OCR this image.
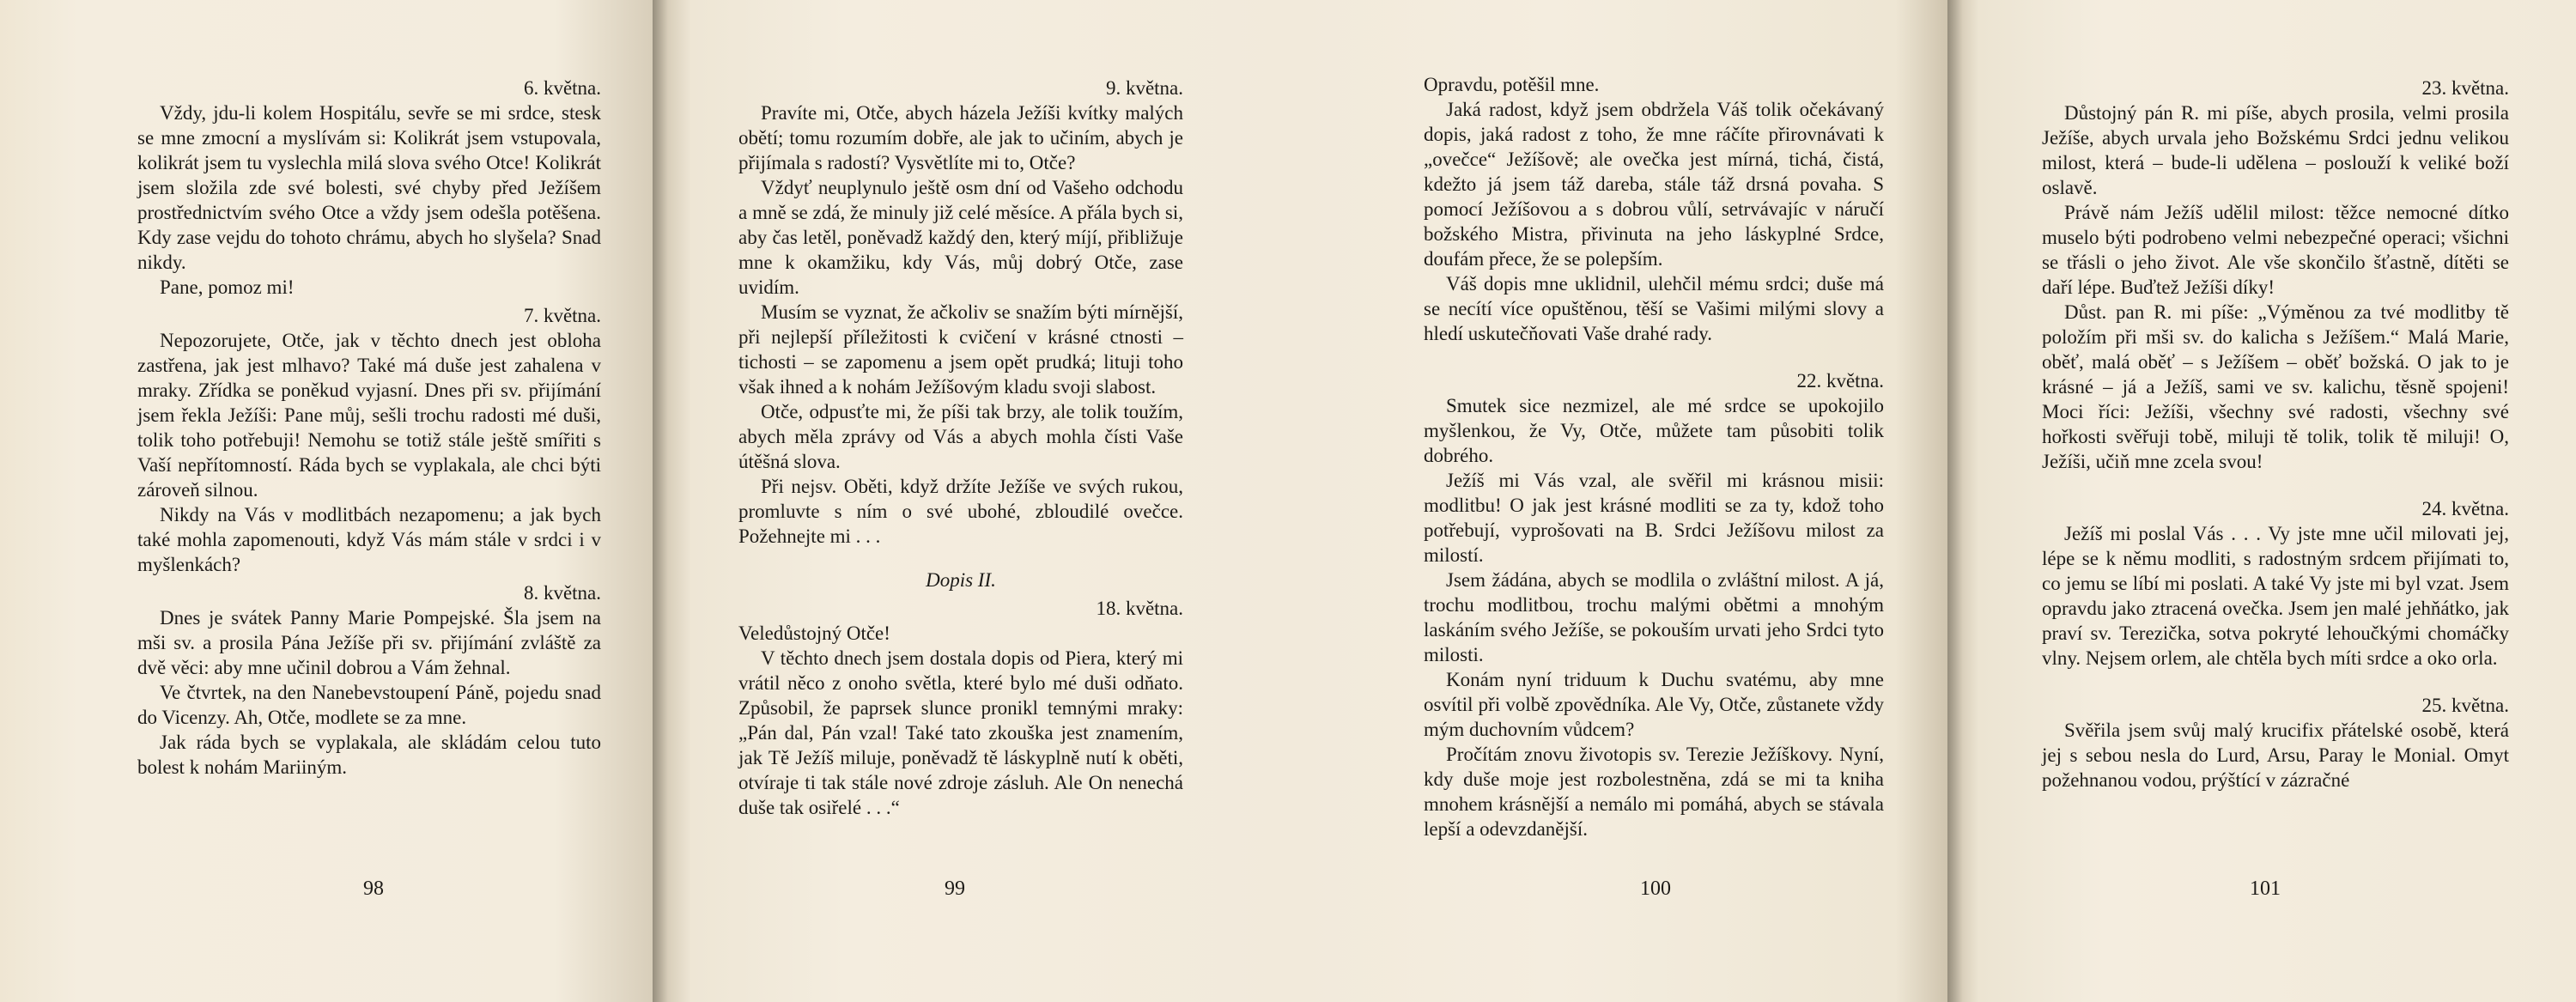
6. května.

Vždy, jdu-li kolem Hospitálu, sevře se mi srdce, stesk se mne zmocní a myslívám si: Kolikrát jsem vstupovala, kolikrát jsem tu vyslechla milá slova svého Otce! Kolikrát jsem složila zde své bolesti, své chyby před Ježíšem prostřednictvím svého Otce a vždy jsem odešla potěšena. Kdy zase vejdu do tohoto chrámu, abych ho slyšela? Snad nikdy.

Pane, pomoz mi!

7. května.

Nepozorujete, Otče, jak v těchto dnech jest obloha zastřena, jak jest mlhavo? Také má duše jest zahalena v mraky. Zřídka se poněkud vyjasní. Dnes při sv. přijímání jsem řekla Ježíši: Pane můj, sešli trochu radosti mé duši, tolik toho potřebuji! Nemohu se totiž stále ještě smířiti s Vaší nepřítomností. Ráda bych se vyplakala, ale chci býti zároveň silnou.

Nikdy na Vás v modlitbách nezapomenu; a jak bych také mohla zapomenouti, když Vás mám stále v srdci i v myšlenkách?

8. května.

Dnes je svátek Panny Marie Pompejské. Šla jsem na mši sv. a prosila Pána Ježíše při sv. přijímání zvláště za dvě věci: aby mne učinil dobrou a Vám žehnal.

Ve čtvrtek, na den Nanebevstoupení Páně, pojedu snad do Vicenzy. Ah, Otče, modlete se za mne.

Jak ráda bych se vyplakala, ale skládám celou tuto bolest k nohám Mariiným.

98

9. května.

Pravíte mi, Otče, abych házela Ježíši kvítky malých obětí; tomu rozumím dobře, ale jak to učiním, abych je přijímala s radostí? Vysvětlíte mi to, Otče?

Vždyť neuplynulo ještě osm dní od Vašeho odchodu a mně se zdá, že minuly již celé měsíce. A přála bych si, aby čas letěl, poněvadž každý den, který míjí, přibližuje mne k okamžiku, kdy Vás, můj dobrý Otče, zase uvidím.

Musím se vyznat, že ačkoliv se snažím býti mírnější, při nejlepší příležitosti k cvičení v krásné ctnosti – tichosti – se zapomenu a jsem opět prudká; lituji toho však ihned a k nohám Ježíšovým kladu svoji slabost.

Otče, odpusťte mi, že píši tak brzy, ale tolik toužím, abych měla zprávy od Vás a abych mohla čísti Vaše útěšná slova.

Při nejsv. Oběti, když držíte Ježíše ve svých rukou, promluvte s ním o své ubohé, zbloudilé ovečce. Požehnejte mi . . .

Dopis II.

18. května.

Veledůstojný Otče!

V těchto dnech jsem dostala dopis od Piera, který mi vrátil něco z onoho světla, které bylo mé duši odňato. Způsobil, že paprsek slunce pronikl temnými mraky: „Pán dal, Pán vzal! Také tato zkouška jest znamením, jak Tě Ježíš miluje, poněvadž tě láskyplně nutí k oběti, otvíraje ti tak stále nové zdroje zásluh. Ale On nenechá duše tak osiřelé . . .“

99

Opravdu, potěšil mne.

Jaká radost, když jsem obdržela Váš tolik očekávaný dopis, jaká radost z toho, že mne ráčíte přirovnávati k „ovečce“ Ježíšově; ale ovečka jest mírná, tichá, čistá, kdežto já jsem táž dareba, stále táž drsná povaha. S pomocí Ježíšovou a s dobrou vůlí, setrvávajíc v náručí božského Mistra, přivinuta na jeho láskyplné Srdce, doufám přece, že se polepším.

Váš dopis mne uklidnil, ulehčil mému srdci; duše má se necítí více opuštěnou, těší se Vašimi milými slovy a hledí uskutečňovati Vaše drahé rady.

22. května.

Smutek sice nezmizel, ale mé srdce se upokojilo myšlenkou, že Vy, Otče, můžete tam působiti tolik dobrého.

Ježíš mi Vás vzal, ale svěřil mi krásnou misii: modlitbu! O jak jest krásné modliti se za ty, kdož toho potřebují, vyprošovati na B. Srdci Ježíšovu milost za milostí.

Jsem žádána, abych se modlila o zvláštní milost. A já, trochu modlitbou, trochu malými obětmi a mnohým laskáním svého Ježíše, se pokouším urvati jeho Srdci tyto milosti.

Konám nyní triduum k Duchu svatému, aby mne osvítil při volbě zpovědníka. Ale Vy, Otče, zůstanete vždy mým duchovním vůdcem?

Pročítám znovu životopis sv. Terezie Ježíškovy. Nyní, kdy duše moje jest rozbolestněna, zdá se mi ta kniha mnohem krásnější a nemálo mi pomáhá, abych se stávala lepší a odevzdanější.

100

23. května.

Důstojný pán R. mi píše, abych prosila, velmi prosila Ježíše, abych urvala jeho Božskému Srdci jednu velikou milost, která – bude-li udělena – poslouží k veliké boží oslavě.

Právě nám Ježíš udělil milost: těžce nemocné dítko muselo býti podrobeno velmi nebezpečné operaci; všichni se třásli o jeho život. Ale vše skončilo šťastně, dítěti se daří lépe. Buďtež Ježíši díky!

Důst. pan R. mi píše: „Výměnou za tvé modlitby tě položím při mši sv. do kalicha s Ježíšem.“ Malá Marie, oběť, malá oběť – s Ježíšem – oběť božská. O jak to je krásné – já a Ježíš, sami ve sv. kalichu, těsně spojeni! Moci říci: Ježíši, všechny své radosti, všechny své hořkosti svěřuji tobě, miluji tě tolik, tolik tě miluji! O, Ježíši, učiň mne zcela svou!

24. května.

Ježíš mi poslal Vás . . . Vy jste mne učil milovati jej, lépe se k němu modliti, s radostným srdcem přijímati to, co jemu se líbí mi poslati. A také Vy jste mi byl vzat. Jsem opravdu jako ztracená ovečka. Jsem jen malé jehňátko, jak praví sv. Terezička, sotva pokryté lehoučkými chomáčky vlny. Nejsem orlem, ale chtěla bych míti srdce a oko orla.

25. května.

Svěřila jsem svůj malý krucifix přátelské osobě, která jej s sebou nesla do Lurd, Arsu, Paray le Monial. Omyt požehnanou vodou, prýštící v zázračné

101
